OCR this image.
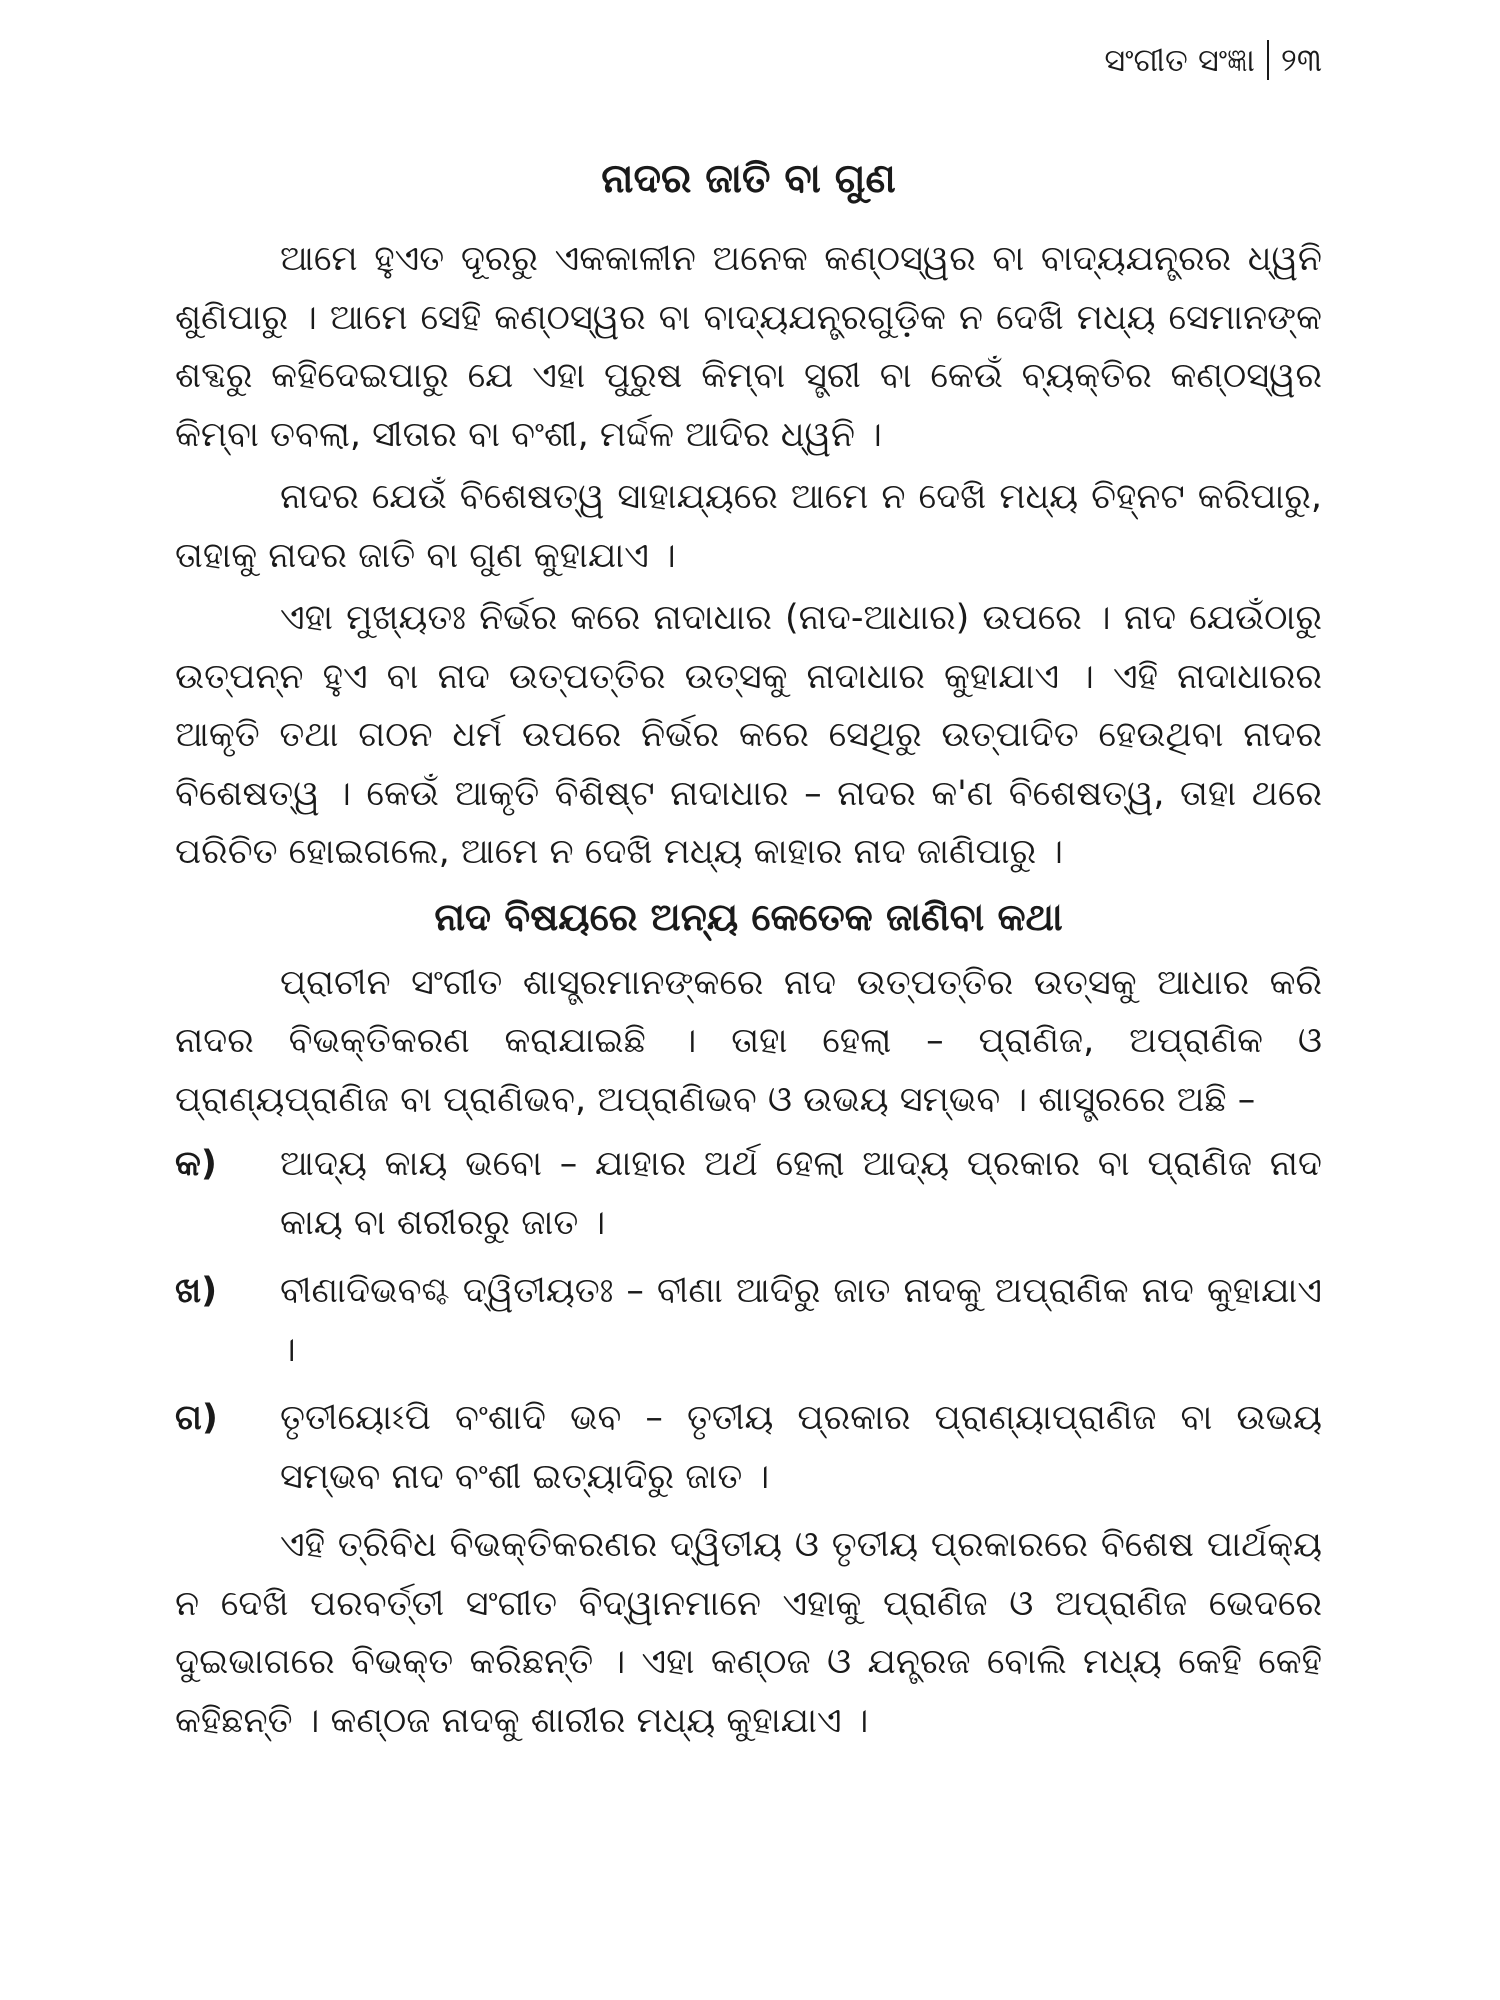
ସଂଗୀତ ସଂଜ୍ଞା ୨୩
ନାଦର ଜାତି ବା ଗୁଣ

ଆମେ ହୁଏତ ଦୂରରୁ ଏକକାଳୀନ ଅନେକ କଣ୍ଠସ୍ୱର ବା ବାଦ୍ୟଯନ୍ତ୍ରର ଧ୍ୱନି ଶୁଣିପାରୁ । ଆମେ ସେହି କଣ୍ଠସ୍ୱର ବା ବାଦ୍ୟଯନ୍ତ୍ରଗୁଡ଼ିକ ନ ଦେଖି ମଧ୍ୟ ସେମାନଙ୍କ ଶବ୍ଦରୁ କହିଦେଇପାରୁ ଯେ ଏହା ପୁରୁଷ କିମ୍ବା ସ୍ତ୍ରୀ ବା କେଉଁ ବ୍ୟକ୍ତିର କଣ୍ଠସ୍ୱର କିମ୍ବା ତବଲା, ସୀତାର ବା ବଂଶୀ, ମର୍ଦ୍ଦଳ ଆଦିର ଧ୍ୱନି ।

ନାଦର ଯେଉଁ ବିଶେଷତ୍ୱ ସାହାଯ୍ୟରେ ଆମେ ନ ଦେଖି ମଧ୍ୟ ଚିହ୍ନଟ କରିପାରୁ, ତାହାକୁ ନାଦର ଜାତି ବା ଗୁଣ କୁହାଯାଏ ।

ଏହା ମୁଖ୍ୟତଃ ନିର୍ଭର କରେ ନାଦାଧାର (ନାଦ-ଆଧାର) ଉପରେ । ନାଦ ଯେଉଁଠାରୁ ଉତ୍ପନ୍ନ ହୁଏ ବା ନାଦ ଉତ୍ପତ୍ତିର ଉତ୍ସକୁ ନାଦାଧାର କୁହାଯାଏ । ଏହି ନାଦାଧାରର ଆକୃତି ତଥା ଗଠନ ଧର୍ମ ଉପରେ ନିର୍ଭର କରେ ସେଥିରୁ ଉତ୍ପାଦିତ ହେଉଥିବା ନାଦର ବିଶେଷତ୍ୱ । କେଉଁ ଆକୃତି ବିଶିଷ୍ଟ ନାଦାଧାର – ନାଦର କ'ଣ ବିଶେଷତ୍ୱ, ତାହା ଥରେ ପରିଚିତ ହୋଇଗଲେ, ଆମେ ନ ଦେଖି ମଧ୍ୟ କାହାର ନାଦ ଜାଣିପାରୁ ।

ନାଦ ବିଷୟରେ ଅନ୍ୟ କେତେକ ଜାଣିବା କଥା

ପ୍ରାଚୀନ ସଂଗୀତ ଶାସ୍ତ୍ରମାନଙ୍କରେ ନାଦ ଉତ୍ପତ୍ତିର ଉତ୍ସକୁ ଆଧାର କରି ନାଦର ବିଭକ୍ତିକରଣ କରାଯାଇଛି । ତାହା ହେଲା – ପ୍ରାଣିଜ, ଅପ୍ରାଣିକ ଓ ପ୍ରାଣ୍ୟପ୍ରାଣିଜ ବା ପ୍ରାଣିଭବ, ଅପ୍ରାଣିଭବ ଓ ଉଭୟ ସମ୍ଭବ । ଶାସ୍ତ୍ରରେ ଅଛି –

କ)	ଆଦ୍ୟ କାୟ ଭବୋ – ଯାହାର ଅର୍ଥ ହେଲା ଆଦ୍ୟ ପ୍ରକାର ବା ପ୍ରାଣିଜ ନାଦ କାୟ ବା ଶରୀରରୁ ଜାତ ।
ଖ)	ବୀଣାଦିଭବଶ୍ଚ ଦ୍ୱିତୀୟତଃ – ବୀଣା ଆଦିରୁ ଜାତ ନାଦକୁ ଅପ୍ରାଣିକ ନାଦ କୁହାଯାଏ ।
ଗ)	ତୃତୀୟୋଽପି ବଂଶାଦି ଭବ – ତୃତୀୟ ପ୍ରକାର ପ୍ରାଣ୍ୟାପ୍ରାଣିଜ ବା ଉଭୟ ସମ୍ଭବ ନାଦ ବଂଶୀ ଇତ୍ୟାଦିରୁ ଜାତ ।

ଏହି ତ୍ରିବିଧ ବିଭକ୍ତିକରଣର ଦ୍ୱିତୀୟ ଓ ତୃତୀୟ ପ୍ରକାରରେ ବିଶେଷ ପାର୍ଥକ୍ୟ ନ ଦେଖି ପରବର୍ତ୍ତୀ ସଂଗୀତ ବିଦ୍ୱାନମାନେ ଏହାକୁ ପ୍ରାଣିଜ ଓ ଅପ୍ରାଣିଜ ଭେଦରେ ଦୁଇଭାଗରେ ବିଭକ୍ତ କରିଛନ୍ତି । ଏହା କଣ୍ଠଜ ଓ ଯନ୍ତ୍ରଜ ବୋଲି ମଧ୍ୟ କେହି କେହି କହିଛନ୍ତି । କଣ୍ଠଜ ନାଦକୁ ଶାରୀର ମଧ୍ୟ କୁହାଯାଏ ।
